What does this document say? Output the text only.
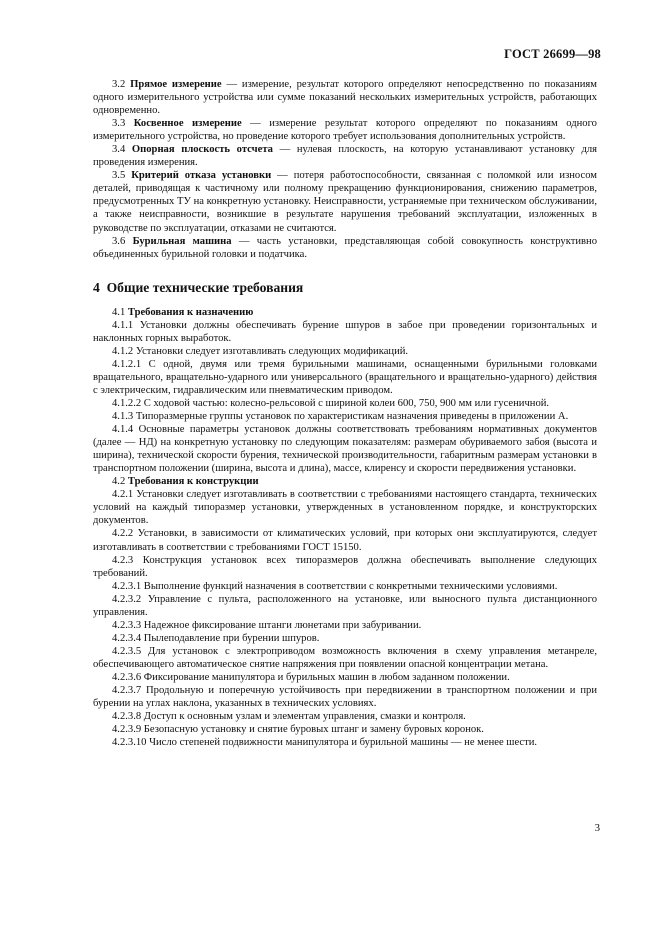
ГОСТ 26699—98

3.2 Прямое измерение — измерение, результат которого определяют непосредственно по показаниям одного измерительного устройства или сумме показаний нескольких измерительных устройств, работающих одновременно.

3.3 Косвенное измерение — измерение результат которого определяют по показаниям одного измерительного устройства, но проведение которого требует использования дополнительных устройств.

3.4 Опорная плоскость отсчета — нулевая плоскость, на которую устанавливают установку для проведения измерения.

3.5 Критерий отказа установки — потеря работоспособности, связанная с поломкой или износом деталей, приводящая к частичному или полному прекращению функционирования, снижению параметров, предусмотренных ТУ на конкретную установку. Неисправности, устраняемые при техническом обслуживании, а также неисправности, возникшие в результате нарушения требований эксплуатации, изложенных в руководстве по эксплуатации, отказами не считаются.

3.6 Бурильная машина — часть установки, представляющая собой совокупность конструктивно объединенных бурильной головки и податчика.

4 Общие технические требования

4.1 Требования к назначению

4.1.1 Установки должны обеспечивать бурение шпуров в забое при проведении горизонтальных и наклонных горных выработок.

4.1.2 Установки следует изготавливать следующих модификаций.

4.1.2.1 С одной, двумя или тремя бурильными машинами, оснащенными бурильными головками вращательного, вращательно-ударного или универсального (вращательного и вращательно-ударного) действия с электрическим, гидравлическим или пневматическим приводом.

4.1.2.2 С ходовой частью: колесно-рельсовой с шириной колеи 600, 750, 900 мм или гусеничной.

4.1.3 Типоразмерные группы установок по характеристикам назначения приведены в приложении А.

4.1.4 Основные параметры установок должны соответствовать требованиям нормативных документов (далее — НД) на конкретную установку по следующим показателям: размерам обуриваемого забоя (высота и ширина), технической скорости бурения, технической производительности, габаритным размерам установки в транспортном положении (ширина, высота и длина), массе, клиренсу и скорости передвижения установки.

4.2 Требования к конструкции

4.2.1 Установки следует изготавливать в соответствии с требованиями настоящего стандарта, технических условий на каждый типоразмер установки, утвержденных в установленном порядке, и конструкторских документов.

4.2.2 Установки, в зависимости от климатических условий, при которых они эксплуатируются, следует изготавливать в соответствии с требованиями ГОСТ 15150.

4.2.3 Конструкция установок всех типоразмеров должна обеспечивать выполнение следующих требований.

4.2.3.1 Выполнение функций назначения в соответствии с конкретными техническими условиями.

4.2.3.2 Управление с пульта, расположенного на установке, или выносного пульта дистанционного управления.

4.2.3.3 Надежное фиксирование штанги люнетами при забуривании.

4.2.3.4 Пылеподавление при бурении шпуров.

4.2.3.5 Для установок с электроприводом возможность включения в схему управления метанреле, обеспечивающего автоматическое снятие напряжения при появлении опасной концентрации метана.

4.2.3.6 Фиксирование манипулятора и бурильных машин в любом заданном положении.

4.2.3.7 Продольную и поперечную устойчивость при передвижении в транспортном положении и при бурении на углах наклона, указанных в технических условиях.

4.2.3.8 Доступ к основным узлам и элементам управления, смазки и контроля.

4.2.3.9 Безопасную установку и снятие буровых штанг и замену буровых коронок.

4.2.3.10 Число степеней подвижности манипулятора и бурильной машины — не менее шести.

3
